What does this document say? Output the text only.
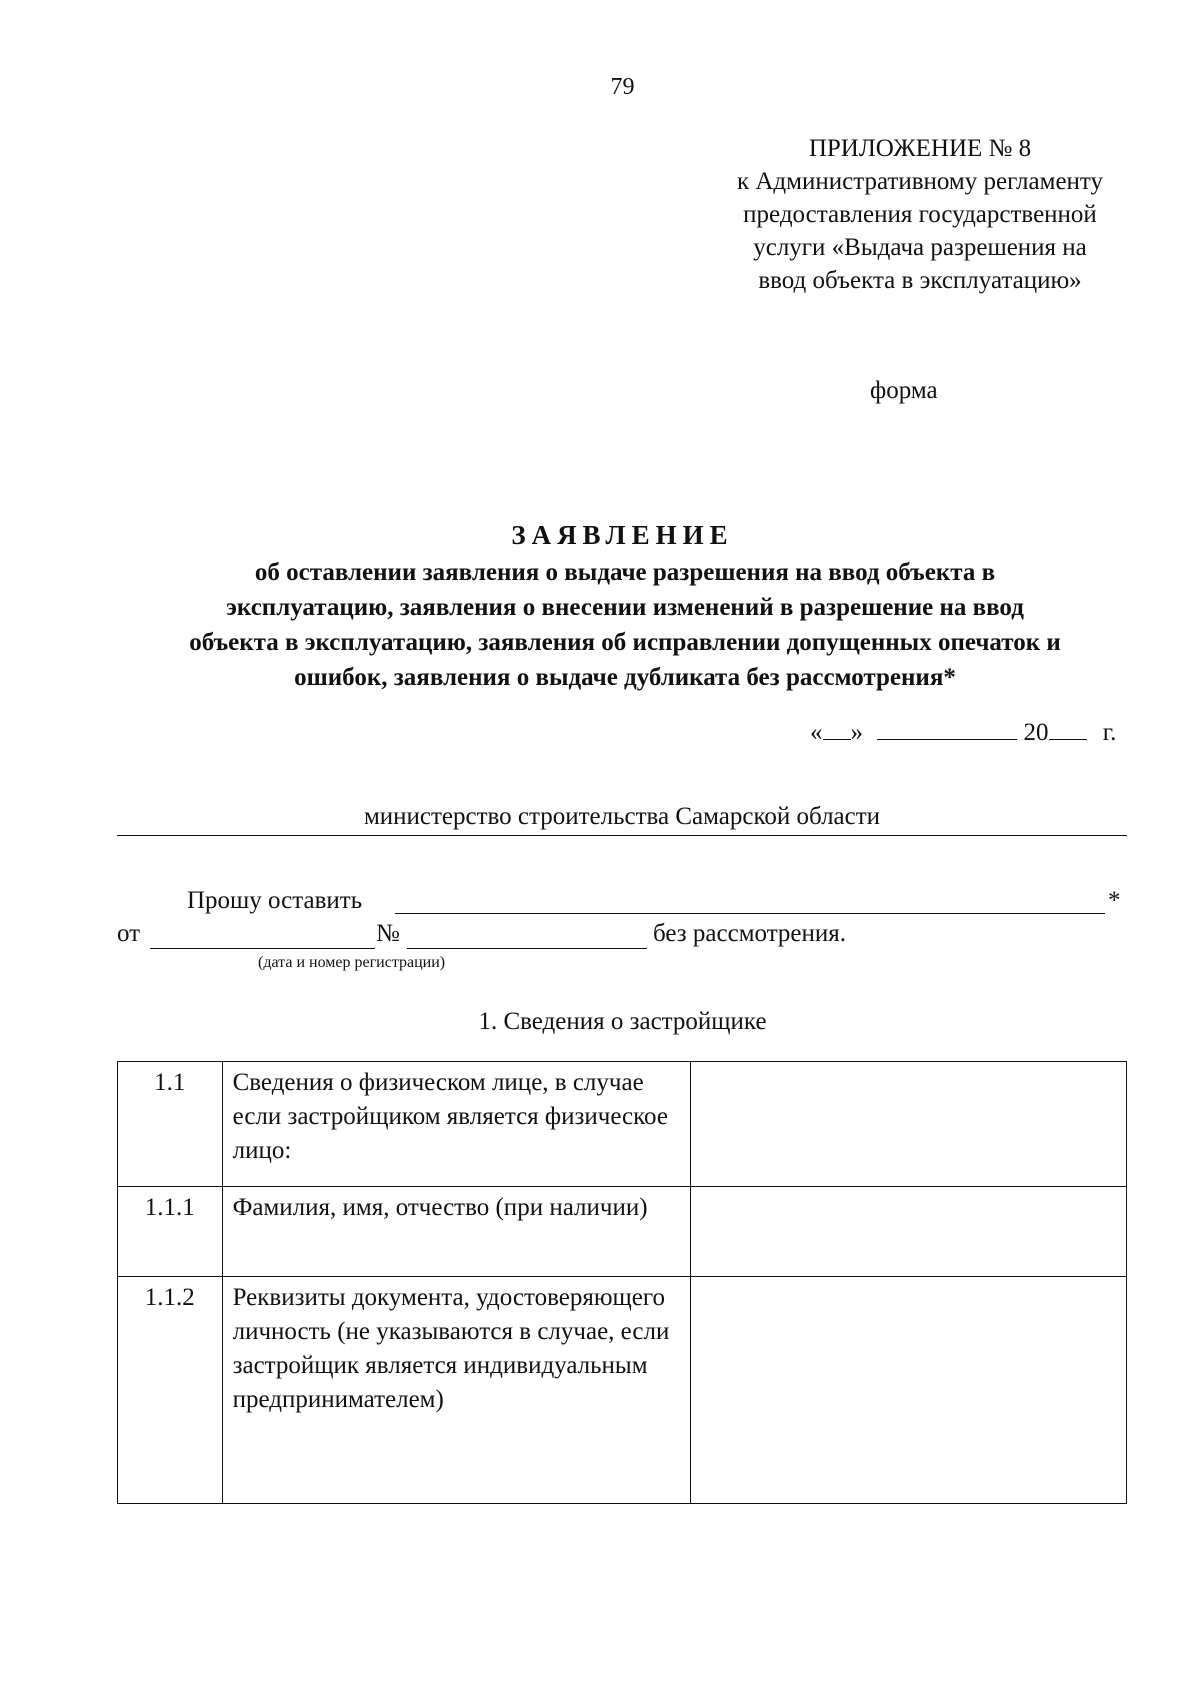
79
ПРИЛОЖЕНИЕ № 8
к Административному регламенту
предоставления государственной
услуги «Выдача разрешения на
ввод объекта в эксплуатацию»
форма
ЗАЯВЛЕНИЕ
об оставлении заявления о выдаче разрешения на ввод объекта в
эксплуатацию, заявления о внесении изменений в разрешение на ввод
объекта в эксплуатацию, заявления об исправлении допущенных опечаток и
ошибок, заявления о выдаче дубликата без рассмотрения*
« »	20 г.
министерство строительства Самарской области
Прошу оставить	*
от	№	без рассмотрения.
(дата и номер регистрации)
1. Сведения о застройщике
1.1	Сведения о физическом лице, в случае если застройщиком является физическое лицо:	
1.1.1	Фамилия, имя, отчество (при наличии)	
1.1.2	Реквизиты документа, удостоверяющего личность (не указываются в случае, если застройщик является индивидуальным предпринимателем)	
